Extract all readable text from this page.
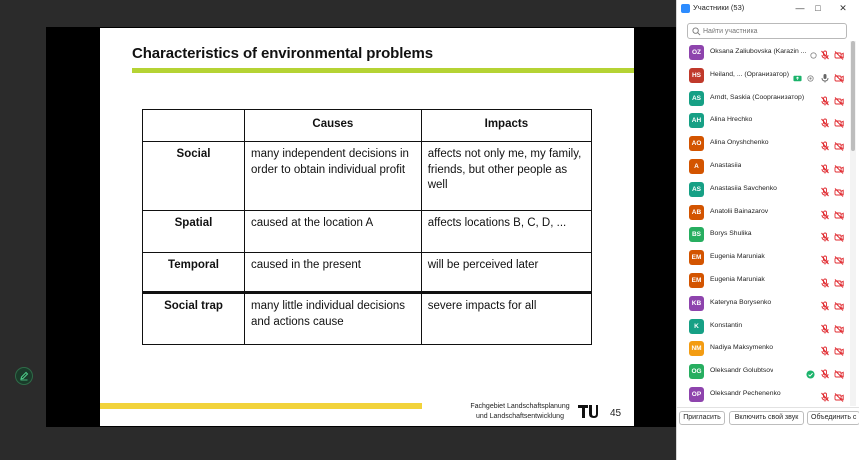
Characteristics of environmental problems
	Causes	Impacts
Social	many independent decisions in order to obtain individual profit	affects not only me, my family, friends, but other people as well
Spatial	caused at the location A	affects locations B, C, D, ...
Temporal	caused in the present	will be perceived later
Social trap	many little individual decisions and actions cause	severe impacts for all
Fachgebiet Landschaftsplanung
und Landschaftsentwicklung	45
Участники (53)	—	□	✕
Найти участника
OZ	Oksana Zaliubovska (Karazin ...
HS	Heiland, ... (Организатор)
AS	Arndt, Saskia (Соорганизатор)
AH	Alina Hrechko
AO	Alina Onyshchenko
A	Anastasiia
AS	Anastasiia Savchenko
AB	Anatolii Bainazarov
BS	Borys Shulika
EM	Eugenia Maruniak
EM	Eugenia Maruniak
KB	Kateryna Borysenko
K	Konstantin
NM	Nadiya Maksymenko
OG	Oleksandr Golubtsov
OP	Oleksandr Pechenenko
Пригласить	Включить свой звук	Объединить с
